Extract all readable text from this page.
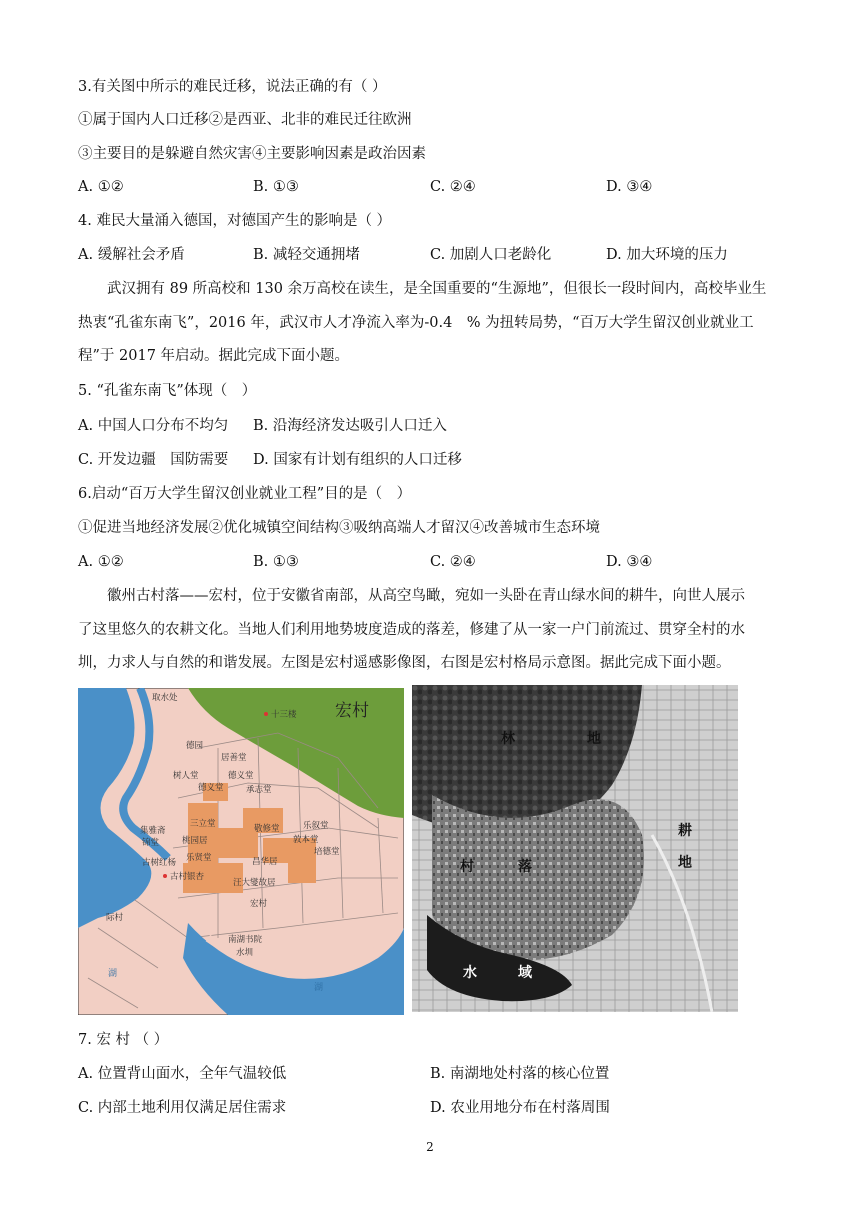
3.有关图中所示的难民迁移，说法正确的有（ ）
①属于国内人口迁移②是西亚、北非的难民迁往欧洲
③主要目的是躲避自然灾害④主要影响因素是政治因素
A. ①②	B. ①③	C. ②④	D. ③④
4. 难民大量涌入德国，对德国产生的影响是（ ）
A. 缓解社会矛盾	B. 减轻交通拥堵	C. 加剧人口老龄化	D. 加大环境的压力
武汉拥有 89 所高校和 130 余万高校在读生，是全国重要的“生源地”，但很长一段时间内，高校毕业生
热衷“孔雀东南飞”，2016 年，武汉市人才净流入率为-0.4　% 为扭转局势，“百万大学生留汉创业就业工
程”于 2017 年启动。据此完成下面小题。
5. “孔雀东南飞”体现（　）
A. 中国人口分布不均匀 B. 沿海经济发达吸引人口迁入
C. 开发边疆　国防需要 D. 国家有计划有组织的人口迁移
6.启动“百万大学生留汉创业就业工程”目的是（　）
①促进当地经济发展②优化城镇空间结构③吸纳高端人才留汉④改善城市生态环境
A. ①②	B. ①③	C. ②④	D. ③④
徽州古村落——宏村，位于安徽省南部，从高空鸟瞰，宛如一头卧在青山绿水间的耕牛，向世人展示
了这里悠久的农耕文化。当地人们利用地势坡度造成的落差，修建了从一家一户门前流过、贯穿全村的水
圳，力求人与自然的和谐发展。左图是宏村遥感影像图，右图是宏村格局示意图。据此完成下面小题。
宏村
取水处
十三楼
德园
居善堂
树人堂
德义堂
德义堂
承志堂
三立堂	乐叙堂
敬修堂
敦本堂
桃园居
集雅斋
锦堂
乐贤堂	昌华居
培德堂
古树红杨
古村银杏
汪大燮故居
宏村
际村
南湖书院
水圳
湖
湖
林	地
耕
地
村	落
水	域
7. 宏 村 （ ）
A. 位置背山面水，全年气温较低	B. 南湖地处村落的核心位置
C. 内部土地利用仅满足居住需求	D. 农业用地分布在村落周围
2
